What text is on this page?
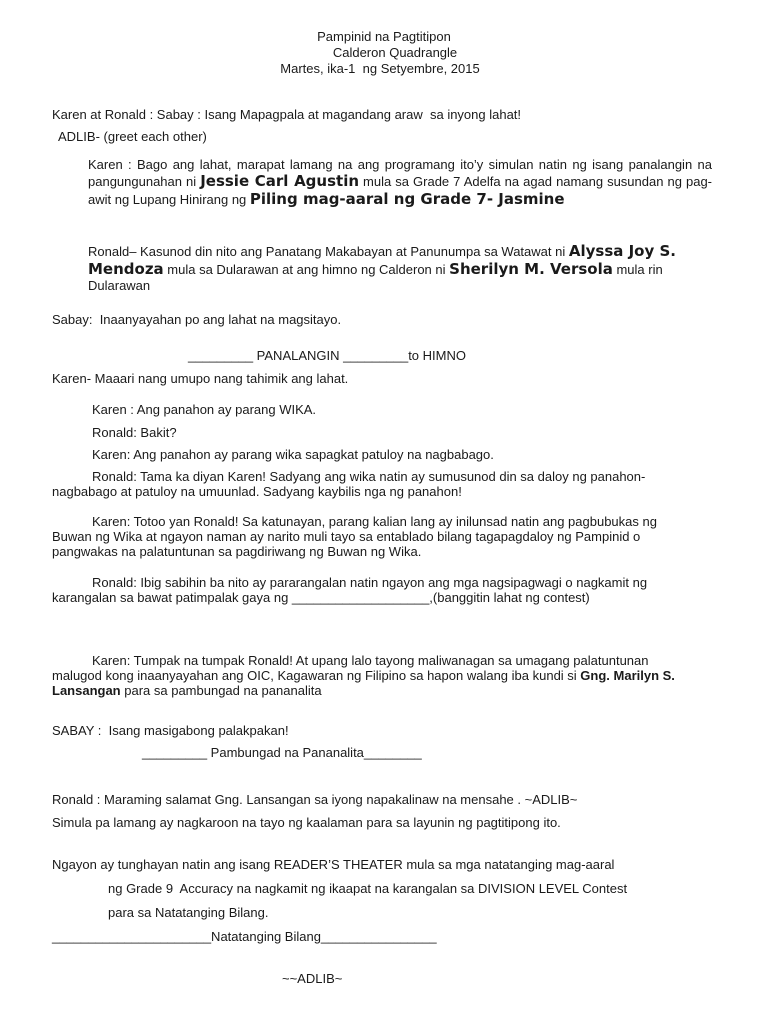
Pampinid na Pagtitipon
Calderon Quadrangle
Martes, ika-1  ng Setyembre, 2015
Karen at Ronald : Sabay : Isang Mapagpala at magandang araw  sa inyong lahat!
ADLIB- (greet each other)
Karen : Bago ang lahat, marapat lamang na ang programang ito’y simulan natin ng isang panalangin na pangungunahan ni Jessie Carl Agustin mula sa Grade 7 Adelfa na agad namang susundan ng pag-awit ng Lupang Hinirang ng Piling mag-aaral ng Grade 7- Jasmine
Ronald– Kasunod din nito ang Panatang Makabayan at Panunumpa sa Watawat ni Alyssa Joy S. Mendoza mula sa Dularawan at ang himno ng Calderon ni Sherilyn M. Versola mula rin Dularawan
Sabay:  Inaanyayahan po ang lahat na magsitayo.
_________ PANALANGIN _________to HIMNO
Karen- Maaari nang umupo nang tahimik ang lahat.
Karen : Ang panahon ay parang WIKA.
Ronald: Bakit?
Karen: Ang panahon ay parang wika sapagkat patuloy na nagbabago.
Ronald: Tama ka diyan Karen! Sadyang ang wika natin ay sumusunod din sa daloy ng panahon- nagbabago at patuloy na umuunlad. Sadyang kaybilis nga ng panahon!
Karen: Totoo yan Ronald! Sa katunayan, parang kalian lang ay inilunsad natin ang pagbubukas ng Buwan ng Wika at ngayon naman ay narito muli tayo sa entablado bilang tagapagdaloy ng Pampinid o pangwakas na palatuntunan sa pagdiriwang ng Buwan ng Wika.
Ronald: Ibig sabihin ba nito ay pararangalan natin ngayon ang mga nagsipagwagi o nagkamit ng karangalan sa bawat patimpalak gaya ng ___________________,(banggitin lahat ng contest)
Karen: Tumpak na tumpak Ronald! At upang lalo tayong maliwanagan sa umagang palatuntunan malugod kong inaanyayahan ang OIC, Kagawaran ng Filipino sa hapon walang iba kundi si Gng. Marilyn S. Lansangan para sa pambungad na pananalita
SABAY :  Isang masigabong palakpakan!
_________ Pambungad na Pananalita________
Ronald : Maraming salamat Gng. Lansangan sa iyong napakalinaw na mensahe . ~ADLIB~
Simula pa lamang ay nagkaroon na tayo ng kaalaman para sa layunin ng pagtitipong ito.
Ngayon ay tunghayan natin ang isang READER’S THEATER mula sa mga natatanging mag-aaral
ng Grade 9  Accuracy na nagkamit ng ikaapat na karangalan sa DIVISION LEVEL Contest
para sa Natatanging Bilang.
______________________Natatanging Bilang________________
~~ADLIB~
